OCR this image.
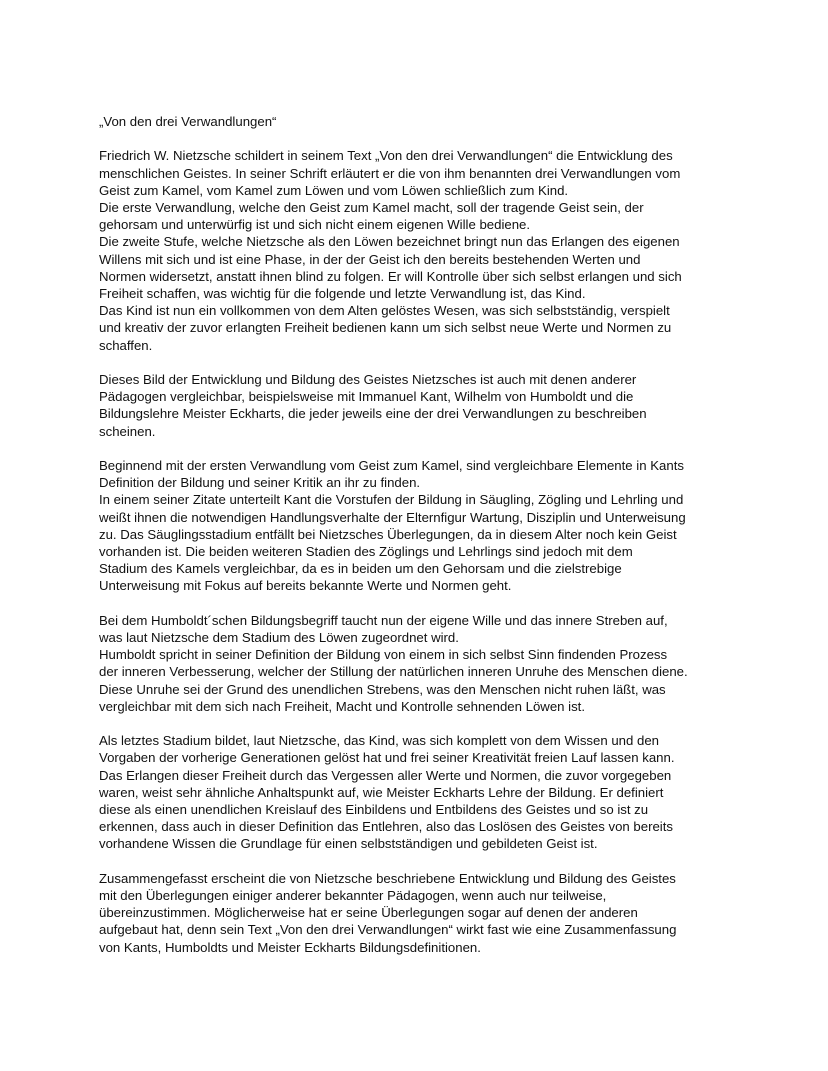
„Von den drei Verwandlungen“
Friedrich W. Nietzsche schildert in seinem Text „Von den drei Verwandlungen“ die Entwicklung des
menschlichen Geistes. In seiner Schrift erläutert er die von ihm benannten drei Verwandlungen vom
Geist zum Kamel, vom Kamel zum Löwen und vom Löwen schließlich zum Kind.
Die erste Verwandlung, welche den Geist zum Kamel macht, soll der tragende Geist sein, der
gehorsam und unterwürfig ist und sich nicht einem eigenen Wille bediene.
Die zweite Stufe, welche Nietzsche als den Löwen bezeichnet bringt nun das Erlangen des eigenen
Willens mit sich und ist eine Phase, in der der Geist ich den bereits bestehenden Werten und
Normen widersetzt, anstatt ihnen blind zu folgen. Er will Kontrolle über sich selbst erlangen und sich
Freiheit schaffen, was wichtig für die folgende und letzte Verwandlung ist, das Kind.
Das Kind ist nun ein vollkommen von dem Alten gelöstes Wesen, was sich selbstständig, verspielt
und kreativ der zuvor erlangten Freiheit bedienen kann um sich selbst neue Werte und Normen zu
schaffen.
Dieses Bild der Entwicklung und Bildung des Geistes Nietzsches ist auch mit denen anderer
Pädagogen vergleichbar, beispielsweise mit Immanuel Kant, Wilhelm von Humboldt und die
Bildungslehre Meister Eckharts, die jeder jeweils eine der drei Verwandlungen zu beschreiben
scheinen.
Beginnend mit der ersten Verwandlung vom Geist zum Kamel, sind vergleichbare Elemente in Kants
Definition der Bildung und seiner Kritik an ihr zu finden.
In einem seiner Zitate unterteilt Kant die Vorstufen der Bildung in Säugling, Zögling und Lehrling und
weißt ihnen die notwendigen Handlungsverhalte der Elternfigur Wartung, Disziplin und Unterweisung
zu. Das Säuglingsstadium entfällt bei Nietzsches Überlegungen, da in diesem Alter noch kein Geist
vorhanden ist. Die beiden weiteren Stadien des Zöglings und Lehrlings sind jedoch mit dem
Stadium des Kamels vergleichbar, da es in beiden um den Gehorsam und die zielstrebige
Unterweisung mit Fokus auf bereits bekannte Werte und Normen geht.
Bei dem Humboldt´schen Bildungsbegriff taucht nun der eigene Wille und das innere Streben auf,
was laut Nietzsche dem Stadium des Löwen zugeordnet wird.
Humboldt spricht in seiner Definition der Bildung von einem in sich selbst Sinn findenden Prozess
der inneren Verbesserung, welcher der Stillung der natürlichen inneren Unruhe des Menschen diene.
Diese Unruhe sei der Grund des unendlichen Strebens, was den Menschen nicht ruhen läßt, was
vergleichbar mit dem sich nach Freiheit, Macht und Kontrolle sehnenden Löwen ist.
Als letztes Stadium bildet, laut Nietzsche, das Kind, was sich komplett von dem Wissen und den
Vorgaben der vorherige Generationen gelöst hat und frei seiner Kreativität freien Lauf lassen kann.
Das Erlangen dieser Freiheit durch das Vergessen aller Werte und Normen, die zuvor vorgegeben
waren, weist sehr ähnliche Anhaltspunkt auf, wie Meister Eckharts Lehre der Bildung. Er definiert
diese als einen unendlichen Kreislauf des Einbildens und Entbildens des Geistes und so ist zu
erkennen, dass auch in dieser Definition das Entlehren, also das Loslösen des Geistes von bereits
vorhandene Wissen die Grundlage für einen selbstständigen und gebildeten Geist ist.
Zusammengefasst erscheint die von Nietzsche beschriebene Entwicklung und Bildung des Geistes
mit den Überlegungen einiger anderer bekannter Pädagogen, wenn auch nur teilweise,
übereinzustimmen. Möglicherweise hat er seine Überlegungen sogar auf denen der anderen
aufgebaut hat, denn sein Text „Von den drei Verwandlungen“ wirkt fast wie eine Zusammenfassung
von Kants, Humboldts und Meister Eckharts Bildungsdefinitionen.
